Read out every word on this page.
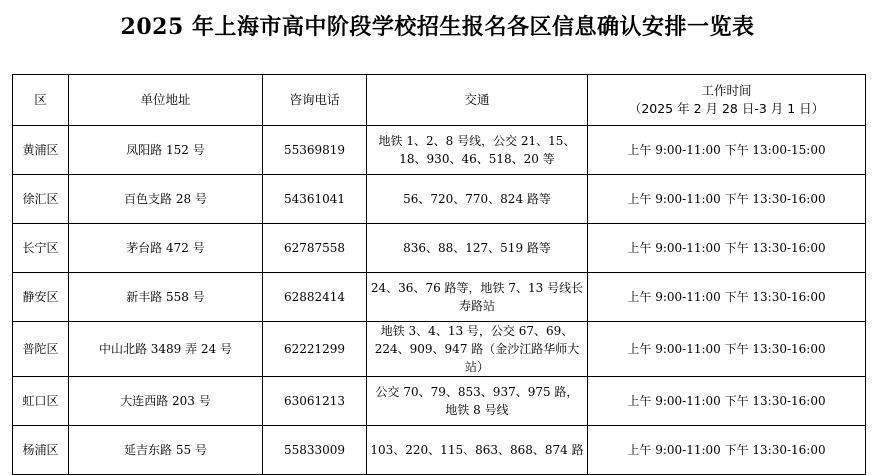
2025 年上海市高中阶段学校招生报名各区信息确认安排一览表
区	单位地址	咨询电话	交通	工作时间
（2025 年 2 月 28 日-3 月 1 日）

黄浦区	凤阳路 152 号	55369819	地铁 1、2、8 号线，公交 21、15、18、930、46、518、20 等	上午 9:00-11:00 下午 13:00-15:00
徐汇区	百色支路 28 号	54361041	56、720、770、824 路等	上午 9:00-11:00 下午 13:30-16:00
长宁区	茅台路 472 号	62787558	836、88、127、519 路等	上午 9:00-11:00 下午 13:30-16:00
静安区	新丰路 558 号	62882414	24、36、76 路等，地铁 7、13 号线长寿路站	上午 9:00-11:00 下午 13:30-16:00
普陀区	中山北路 3489 弄 24 号	62221299	地铁 3、4、13 号，公交 67、69、224、909、947 路（金沙江路华师大站）	上午 9:00-11:00 下午 13:30-16:00
虹口区	大连西路 203 号	63061213	公交 70、79、853、937、975 路，地铁 8 号线	上午 9:00-11:00 下午 13:30-16:00
杨浦区	延吉东路 55 号	55833009	103、220、115、863、868、874 路	上午 9:00-11:00 下午 13:30-16:00
